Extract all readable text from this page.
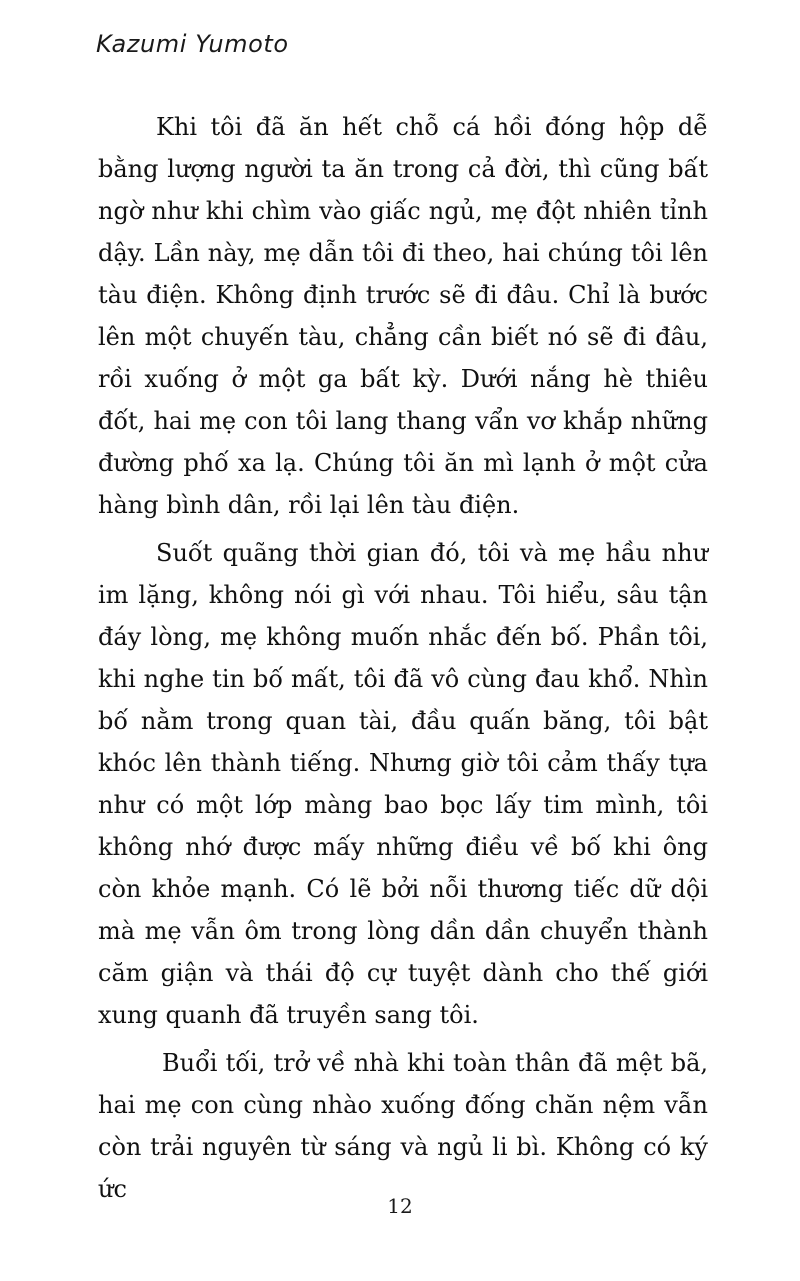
Kazumi Yumoto

Khi tôi đã ăn hết chỗ cá hồi đóng hộp dễ bằng lượng người ta ăn trong cả đời, thì cũng bất ngờ như khi chìm vào giấc ngủ, mẹ đột nhiên tỉnh dậy. Lần này, mẹ dẫn tôi đi theo, hai chúng tôi lên tàu điện. Không định trước sẽ đi đâu. Chỉ là bước lên một chuyến tàu, chẳng cần biết nó sẽ đi đâu, rồi xuống ở một ga bất kỳ. Dưới nắng hè thiêu đốt, hai mẹ con tôi lang thang vẩn vơ khắp những đường phố xa lạ. Chúng tôi ăn mì lạnh ở một cửa hàng bình dân, rồi lại lên tàu điện.

Suốt quãng thời gian đó, tôi và mẹ hầu như im lặng, không nói gì với nhau. Tôi hiểu, sâu tận đáy lòng, mẹ không muốn nhắc đến bố. Phần tôi, khi nghe tin bố mất, tôi đã vô cùng đau khổ. Nhìn bố nằm trong quan tài, đầu quấn băng, tôi bật khóc lên thành tiếng. Nhưng giờ tôi cảm thấy tựa như có một lớp màng bao bọc lấy tim mình, tôi không nhớ được mấy những điều về bố khi ông còn khỏe mạnh. Có lẽ bởi nỗi thương tiếc dữ dội mà mẹ vẫn ôm trong lòng dần dần chuyển thành căm giận và thái độ cự tuyệt dành cho thế giới xung quanh đã truyền sang tôi.

Buổi tối, trở về nhà khi toàn thân đã mệt bã, hai mẹ con cùng nhào xuống đống chăn nệm vẫn còn trải nguyên từ sáng và ngủ li bì. Không có ký ức

12
